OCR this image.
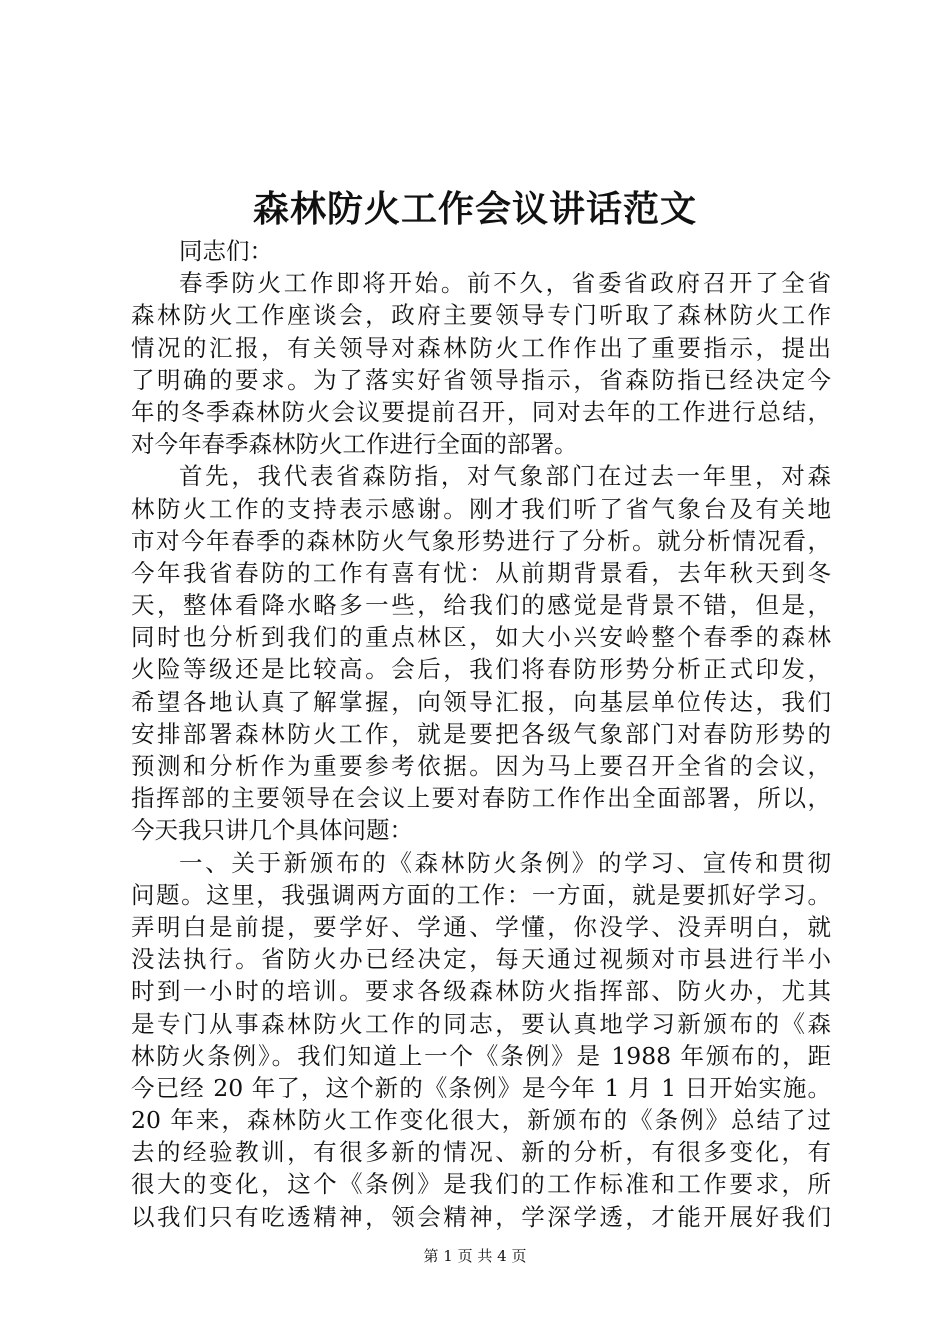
森林防火工作会议讲话范文
同志们：
春季防火工作即将开始。前不久，省委省政府召开了全省
森林防火工作座谈会，政府主要领导专门听取了森林防火工作
情况的汇报，有关领导对森林防火工作作出了重要指示，提出
了明确的要求。为了落实好省领导指示，省森防指已经决定今
年的冬季森林防火会议要提前召开，同对去年的工作进行总结，
对今年春季森林防火工作进行全面的部署。
首先，我代表省森防指，对气象部门在过去一年里，对森
林防火工作的支持表示感谢。刚才我们听了省气象台及有关地
市对今年春季的森林防火气象形势进行了分析。就分析情况看，
今年我省春防的工作有喜有忧：从前期背景看，去年秋天到冬
天，整体看降水略多一些，给我们的感觉是背景不错，但是，
同时也分析到我们的重点林区，如大小兴安岭整个春季的森林
火险等级还是比较高。会后，我们将春防形势分析正式印发，
希望各地认真了解掌握，向领导汇报，向基层单位传达，我们
安排部署森林防火工作，就是要把各级气象部门对春防形势的
预测和分析作为重要参考依据。因为马上要召开全省的会议，
指挥部的主要领导在会议上要对春防工作作出全面部署，所以，
今天我只讲几个具体问题：
一、关于新颁布的《森林防火条例》的学习、宣传和贯彻
问题。这里，我强调两方面的工作：一方面，就是要抓好学习。
弄明白是前提，要学好、学通、学懂，你没学、没弄明白，就
没法执行。省防火办已经决定，每天通过视频对市县进行半小
时到一小时的培训。要求各级森林防火指挥部、防火办，尤其
是专门从事森林防火工作的同志，要认真地学习新颁布的《森
林防火条例》。我们知道上一个《条例》是 1988 年颁布的，距
今已经 20 年了，这个新的《条例》是今年 1 月 1 日开始实施。
20 年来，森林防火工作变化很大，新颁布的《条例》总结了过
去的经验教训，有很多新的情况、新的分析，有很多变化，有
很大的变化，这个《条例》是我们的工作标准和工作要求，所
以我们只有吃透精神，领会精神，学深学透，才能开展好我们
第 1 页 共 4 页
